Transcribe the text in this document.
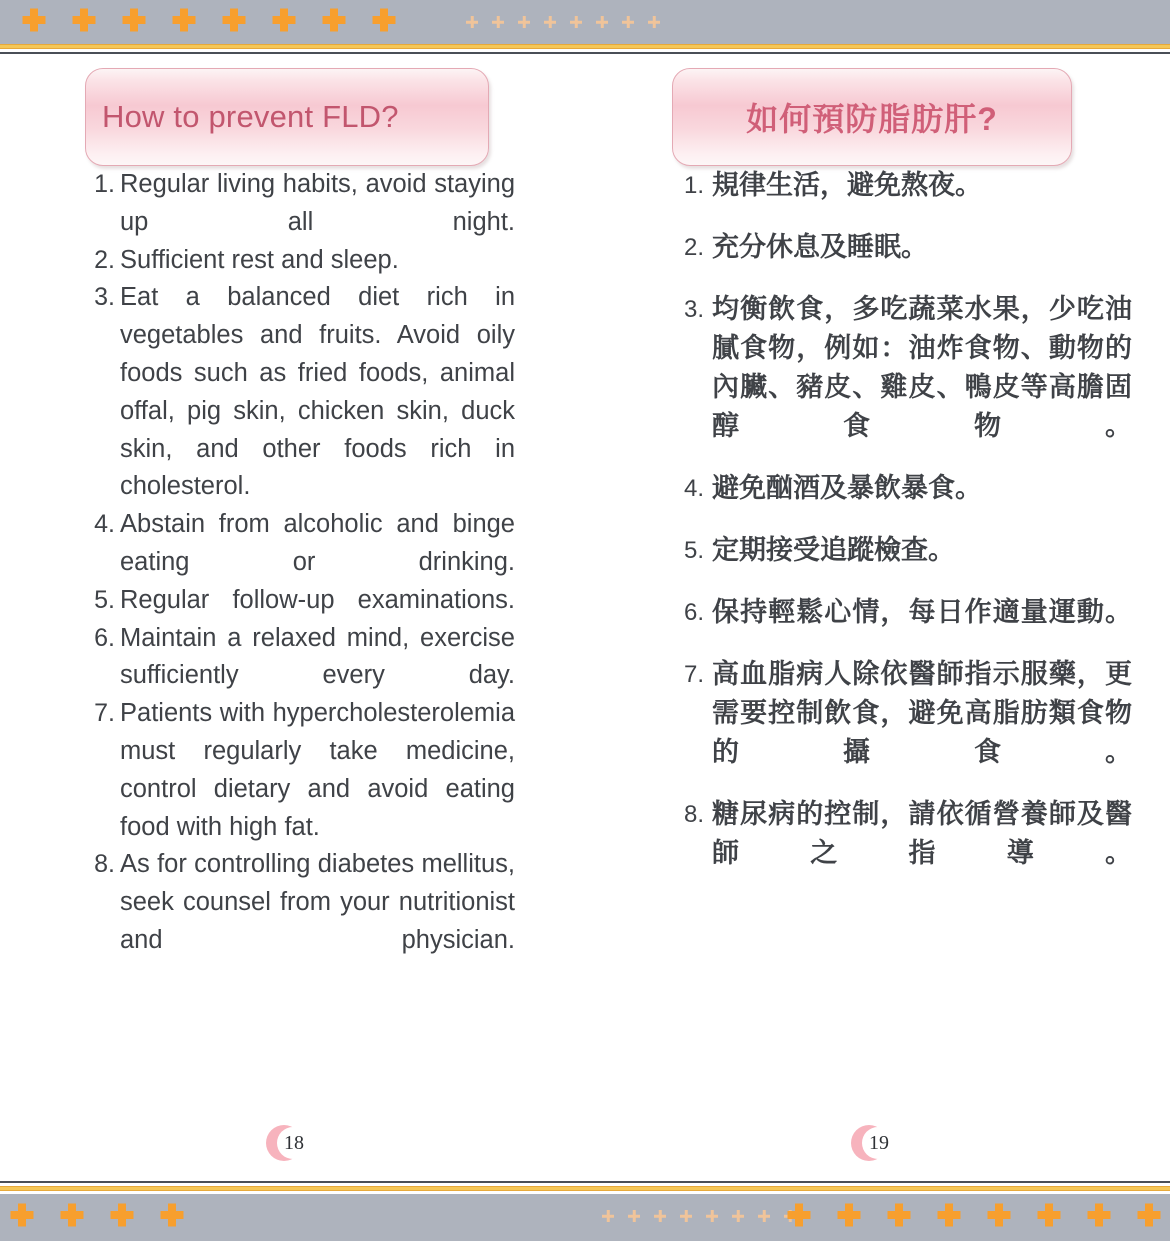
How to prevent FLD?
1. Regular living habits, avoid staying up all night.
2. Sufficient rest and sleep.
3. Eat a balanced diet rich in vegetables and fruits. Avoid oily foods such as fried foods, animal offal, pig skin, chicken skin, duck skin, and other foods rich in cholesterol.
4. Abstain from alcoholic and binge eating or drinking.
5. Regular follow-up examinations.
6. Maintain a relaxed mind, exercise sufficiently every day.
7. Patients with hypercholesterolemia must regularly take medicine, control dietary and avoid eating food with high fat.
8. As for controlling diabetes mellitus, seek counsel from your nutritionist and physician.
如何預防脂肪肝?
1. 規律生活，避免熬夜。
2. 充分休息及睡眠。
3. 均衡飲食，多吃蔬菜水果，少吃油膩食物，例如：油炸食物、動物的內臟、豬皮、雞皮、鴨皮等高膽固醇食物。
4. 避免酗酒及暴飲暴食。
5. 定期接受追蹤檢查。
6. 保持輕鬆心情，每日作適量運動。
7. 高血脂病人除依醫師指示服藥，更需要控制飲食，避免高脂肪類食物的攝食。
8. 糖尿病的控制，請依循營養師及醫師之指導。
18	19
